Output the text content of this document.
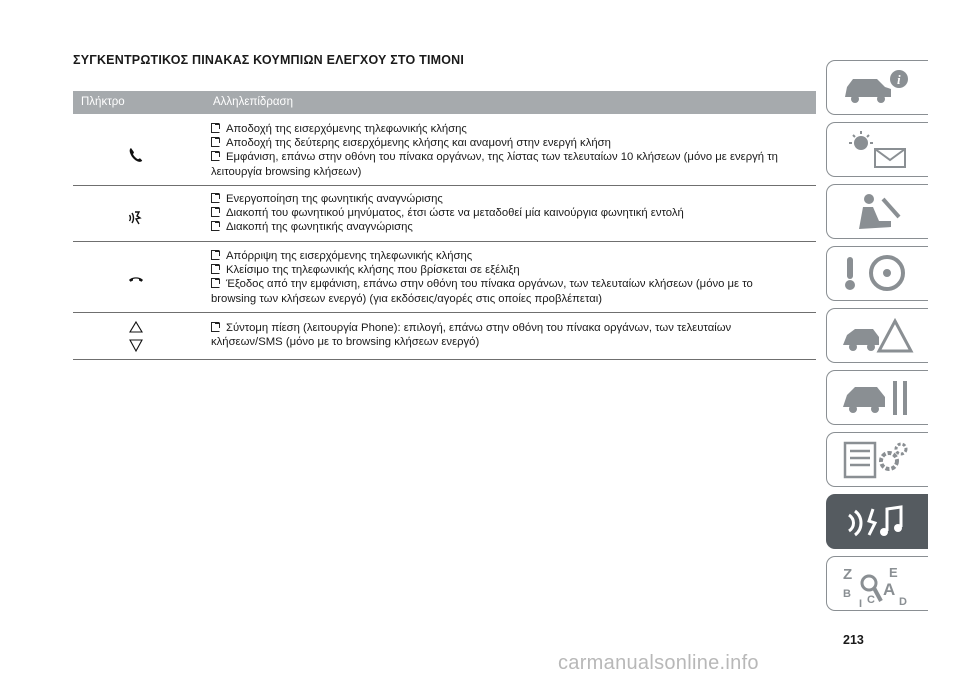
ΣΥΓΚΕΝΤΡΩΤΙΚΟΣ ΠΙΝΑΚΑΣ ΚΟΥΜΠΙΩΝ ΕΛΕΓΧΟΥ ΣΤΟ ΤΙΜΟΝΙ
Πλήκτρο	Αλληλεπίδραση
Αποδοχή της εισερχόμενης τηλεφωνικής κλήσης
Αποδοχή της δεύτερης εισερχόμενης κλήσης και αναμονή στην ενεργή κλήση
Εμφάνιση, επάνω στην οθόνη του πίνακα οργάνων, της λίστας των τελευταίων 10 κλήσεων (μόνο με ενεργή τη
λειτουργία browsing κλήσεων)
Ενεργοποίηση της φωνητικής αναγνώρισης
Διακοπή του φωνητικού μηνύματος, έτσι ώστε να μεταδοθεί μία καινούργια φωνητική εντολή
Διακοπή της φωνητικής αναγνώρισης
Απόρριψη της εισερχόμενης τηλεφωνικής κλήσης
Κλείσιμο της τηλεφωνικής κλήσης που βρίσκεται σε εξέλιξη
Έξοδος από την εμφάνιση, επάνω στην οθόνη του πίνακα οργάνων, των τελευταίων κλήσεων (μόνο με το
browsing των κλήσεων ενεργό) (για εκδόσεις/αγορές στις οποίες προβλέπεται)
Σύντομη πίεση (λειτουργία Phone): επιλογή, επάνω στην οθόνη του πίνακα οργάνων, των τελευταίων
κλήσεων/SMS (μόνο με το browsing κλήσεων ενεργό)
i
Z	E
B A
I C D
213
carmanualsonline.info
